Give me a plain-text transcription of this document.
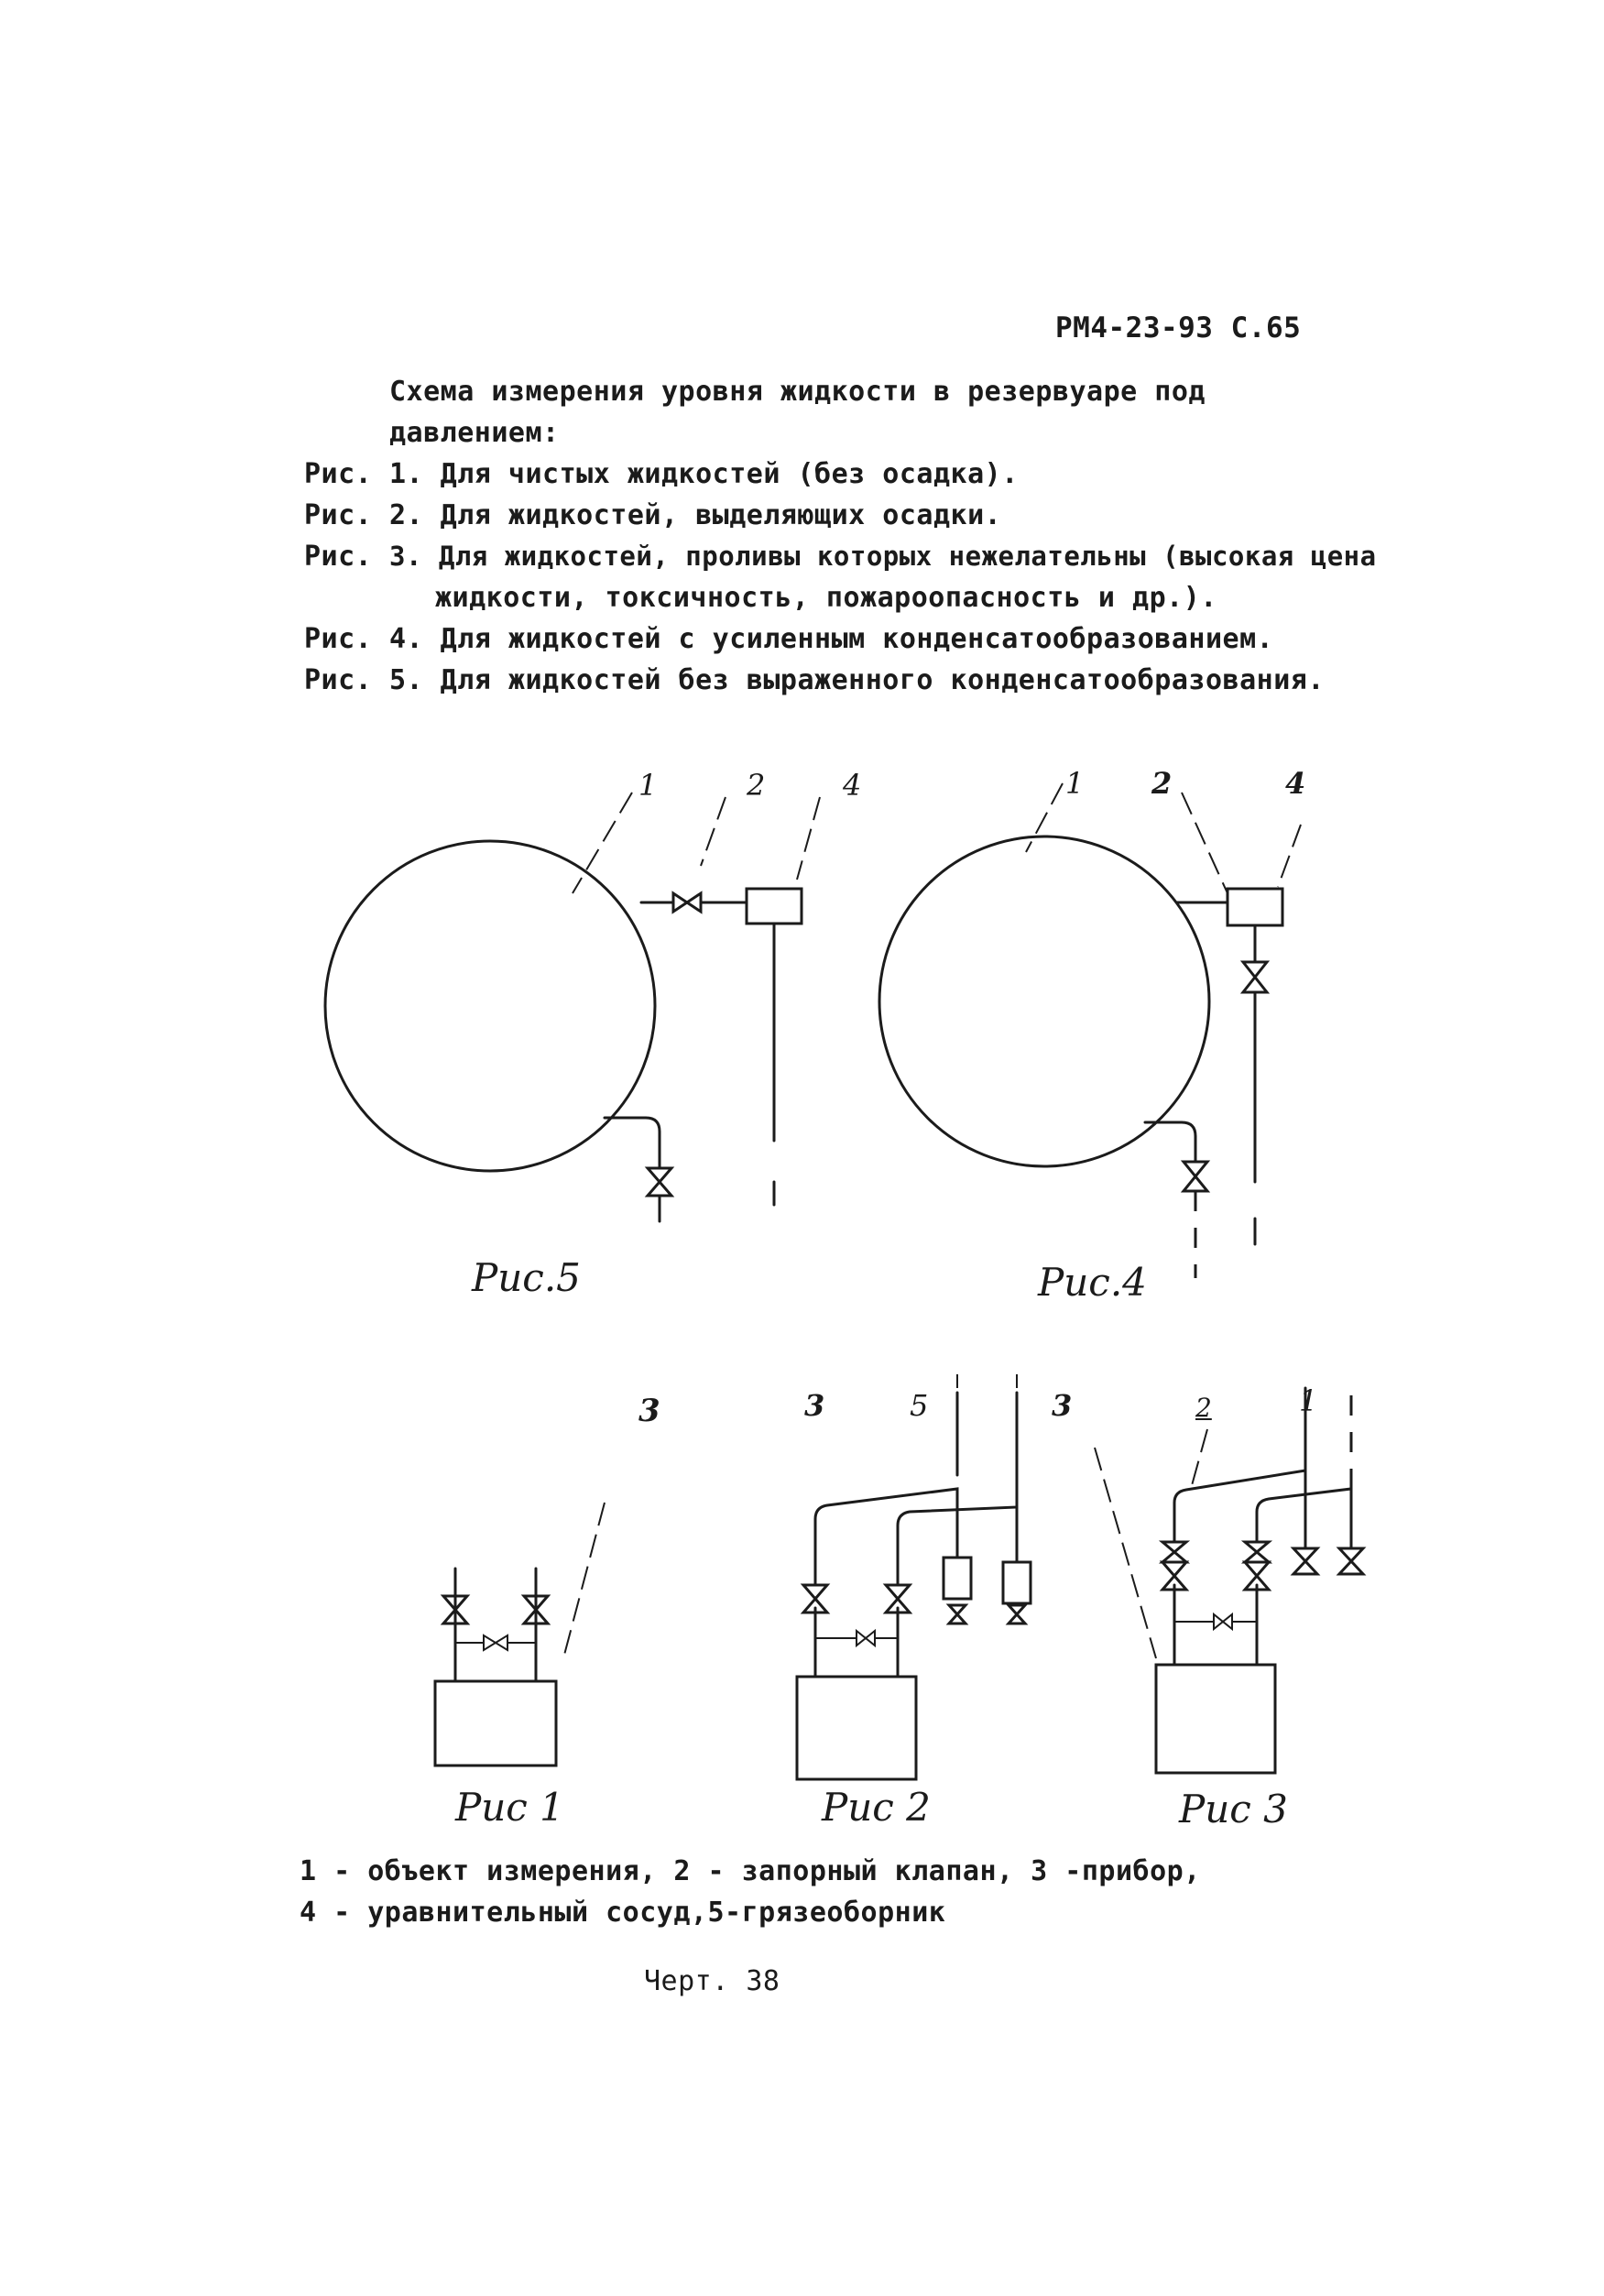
РМ4-23-93 С.65
Схема измерения уровня жидкости в резервуаре под
давлением:
Рис. 1. Для чистых жидкостей (без осадка).
Рис. 2. Для жидкостей, выделяющих осадки.
Рис. 3. Для жидкостей, проливы которых нежелательны (высокая цена
жидкости, токсичность, пожароопасность и др.).
Рис. 4. Для жидкостей с усиленным конденсатообразованием.
Рис. 5. Для жидкостей без выраженного конденсатообразования.
1	2	4	1 2	4
3	3	5	3	2	1
Рис.5	Рис.4
Рис 1	Рис 2	Рис 3
1 - объект измерения, 2 - запорный клапан, 3 -прибор,
4 - уравнительный сосуд,5-грязеоборник
Черт. 38
